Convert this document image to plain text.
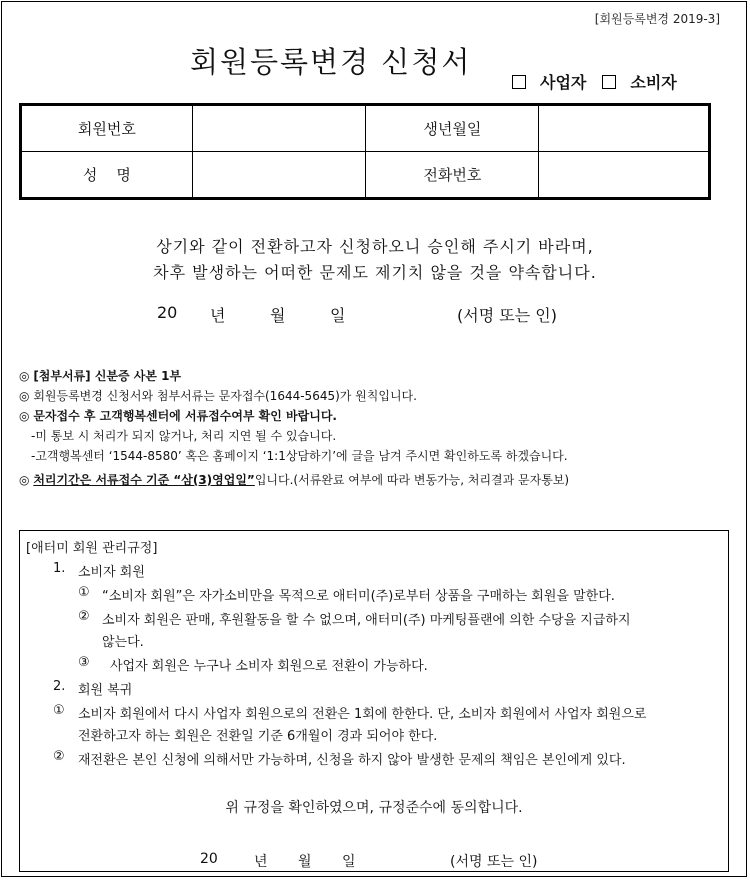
[회원등록변경 2019-3]
회원등록변경 신청서
사업자	소비자
회원번호		생년월일	
성    명		전화번호	
상기와 같이 전환하고자 신청하오니 승인해 주시기 바라며,
차후 발생하는 어떠한 문제도 제기치 않을 것을 약속합니다.
20 년	월	일	(서명 또는 인)
◎ [첨부서류] 신분증 사본 1부
◎ 회원등록변경 신청서와 첨부서류는 문자접수(1644-5645)가 원칙입니다.
◎ 문자접수 후 고객행복센터에 서류접수여부 확인 바랍니다.
-미 통보 시 처리가 되지 않거나, 처리 지연 될 수 있습니다.
-고객행복센터 ‘1544-8580’ 혹은 홈페이지 ‘1:1상담하기’에 글을 남겨 주시면 확인하도록 하겠습니다.
◎ 처리기간은 서류접수 기준 “삼(3)영업일”입니다.(서류완료 여부에 따라 변동가능, 처리결과 문자통보)
[애터미 회원 관리규정]
1. 소비자 회원
① “소비자 회원”은 자가소비만을 목적으로 애터미(주)로부터 상품을 구매하는 회원을 말한다.
② 소비자 회원은 판매, 후원활동을 할 수 없으며, 애터미(주) 마케팅플랜에 의한 수당을 지급하지
않는다.
③ 사업자 회원은 누구나 소비자 회원으로 전환이 가능하다.
2. 회원 복귀
① 소비자 회원에서 다시 사업자 회원으로의 전환은 1회에 한한다. 단, 소비자 회원에서 사업자 회원으로
전환하고자 하는 회원은 전환일 기준 6개월이 경과 되어야 한다.
② 재전환은 본인 신청에 의해서만 가능하며, 신청을 하지 않아 발생한 문제의 책임은 본인에게 있다.
위 규정을 확인하였으며, 규정준수에 동의합니다.
20	년 월 일	(서명 또는 인)
